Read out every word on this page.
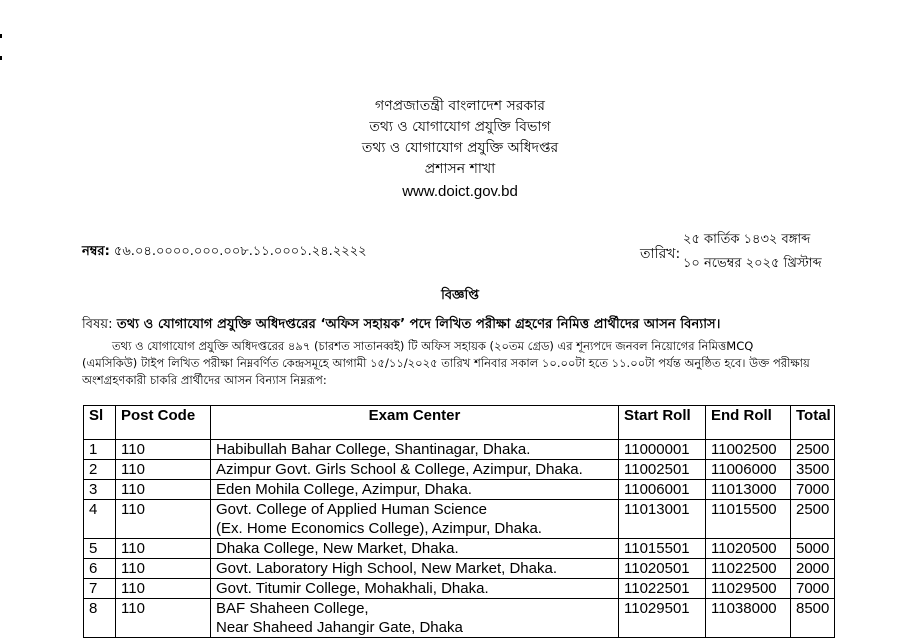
গণপ্রজাতন্ত্রী বাংলাদেশ সরকার
তথ্য ও যোগাযোগ প্রযুক্তি বিভাগ
তথ্য ও যোগাযোগ প্রযুক্তি অধিদপ্তর
প্রশাসন শাখা
www.doict.gov.bd
নম্বর: ৫৬.০৪.০০০০.০০০.০০৮.১১.০০০১.২৪.২২২২	তারিখ:
২৫ কার্তিক ১৪৩২ বঙ্গাব্দ
১০ নভেম্বর ২০২৫ খ্রিস্টাব্দ
বিজ্ঞপ্তি
বিষয়: তথ্য ও যোগাযোগ প্রযুক্তি অধিদপ্তরের ‘অফিস সহায়ক’ পদে লিখিত পরীক্ষা গ্রহণের নিমিত্ত প্রার্থীদের আসন বিন্যাস।
তথ্য ও যোগাযোগ প্রযুক্তি অধিদপ্তরের ৪৯৭ (চারশত সাতানব্বই) টি অফিস সহায়ক (২০তম গ্রেড) এর শূন্যপদে জনবল নিয়োগের নিমিত্তMCQ
(এমসিকিউ) টাইপ লিখিত পরীক্ষা নিম্নবর্ণিত কেন্দ্রসমূহে আগামী ১৫/১১/২০২৫ তারিখ শনিবার সকাল ১০.০০টা হতে ১১.০০টা পর্যন্ত অনুষ্ঠিত হবে। উক্ত পরীক্ষায়
অংশগ্রহণকারী চাকরি প্রার্থীদের আসন বিন্যাস নিম্নরূপ:
Sl	Post Code	Exam Center	Start Roll	End Roll	Total
1	110	Habibullah Bahar College, Shantinagar, Dhaka.	11000001	11002500	2500
2	110	Azimpur Govt. Girls School & College, Azimpur, Dhaka.	11002501	11006000	3500
3	110	Eden Mohila College, Azimpur, Dhaka.	11006001	11013000	7000
4	110	Govt. College of Applied Human Science
(Ex. Home Economics College), Azimpur, Dhaka.	11013001	11015500	2500
5	110	Dhaka College, New Market, Dhaka.	11015501	11020500	5000
6	110	Govt. Laboratory High School, New Market, Dhaka.	11020501	11022500	2000
7	110	Govt. Titumir College, Mohakhali, Dhaka.	11022501	11029500	7000
8	110	BAF Shaheen College,
Near Shaheed Jahangir Gate, Dhaka	11029501	11038000	8500
